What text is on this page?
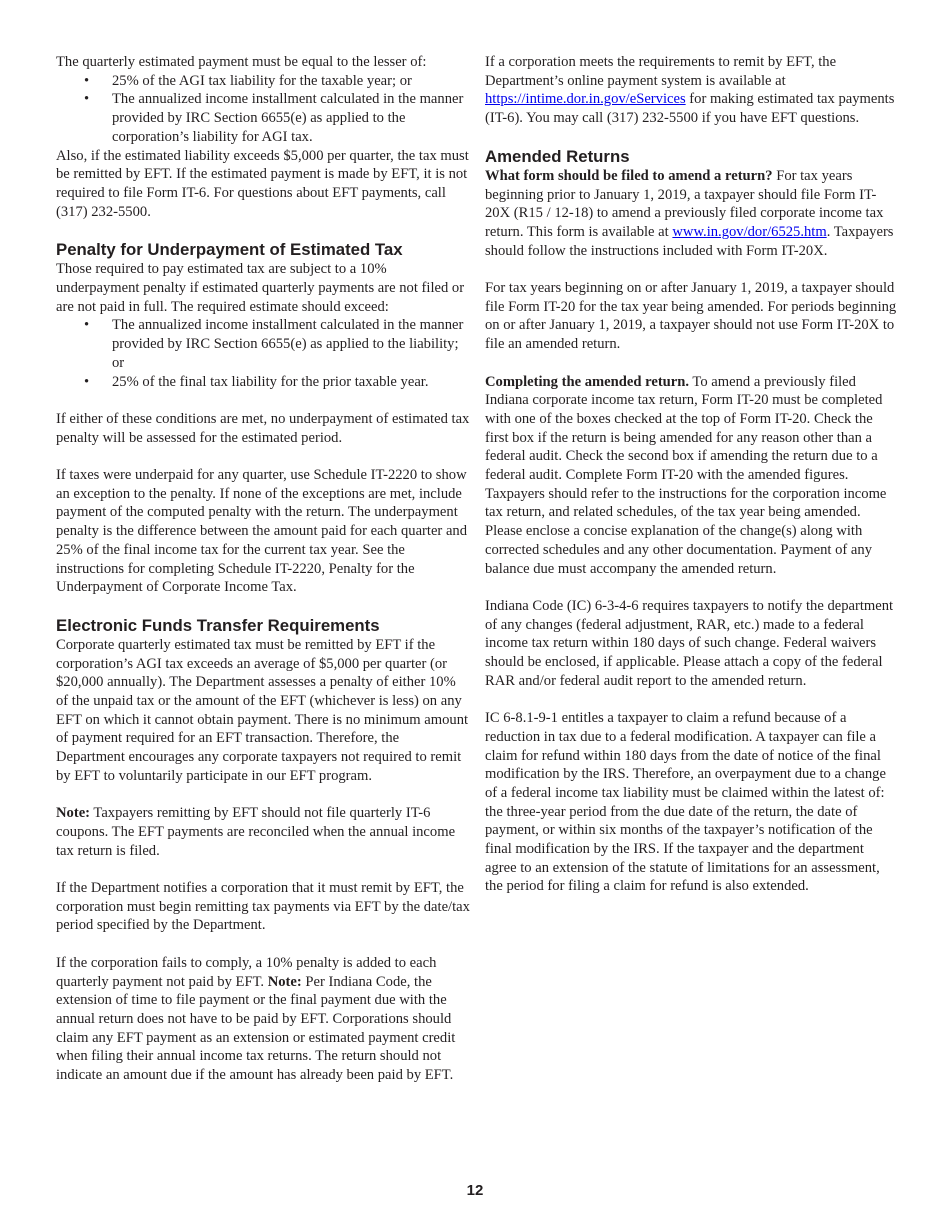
The quarterly estimated payment must be equal to the lesser of:

• 25% of the AGI tax liability for the taxable year; or
• The annualized income installment calculated in the manner provided by IRC Section 6655(e) as applied to the corporation’s liability for AGI tax.

Also, if the estimated liability exceeds $5,000 per quarter, the tax must be remitted by EFT. If the estimated payment is made by EFT, it is not required to file Form IT-6. For questions about EFT payments, call (317) 232-5500.

Penalty for Underpayment of Estimated Tax

Those required to pay estimated tax are subject to a 10% underpayment penalty if estimated quarterly payments are not filed or are not paid in full. The required estimate should exceed:

• The annualized income installment calculated in the manner provided by IRC Section 6655(e) as applied to the liability; or
• 25% of the final tax liability for the prior taxable year.

If either of these conditions are met, no underpayment of estimated tax penalty will be assessed for the estimated period.

If taxes were underpaid for any quarter, use Schedule IT-2220 to show an exception to the penalty. If none of the exceptions are met, include payment of the computed penalty with the return. The underpayment penalty is the difference between the amount paid for each quarter and 25% of the final income tax for the current tax year. See the instructions for completing Schedule IT-2220, Penalty for the Underpayment of Corporate Income Tax.

Electronic Funds Transfer Requirements

Corporate quarterly estimated tax must be remitted by EFT if the corporation’s AGI tax exceeds an average of $5,000 per quarter (or $20,000 annually). The Department assesses a penalty of either 10% of the unpaid tax or the amount of the EFT (whichever is less) on any EFT on which it cannot obtain payment. There is no minimum amount of payment required for an EFT transaction. Therefore, the Department encourages any corporate taxpayers not required to remit by EFT to voluntarily participate in our EFT program.

Note: Taxpayers remitting by EFT should not file quarterly IT-6 coupons. The EFT payments are reconciled when the annual income tax return is filed.

If the Department notifies a corporation that it must remit by EFT, the corporation must begin remitting tax payments via EFT by the date/tax period specified by the Department.

If the corporation fails to comply, a 10% penalty is added to each quarterly payment not paid by EFT. Note: Per Indiana Code, the extension of time to file payment or the final payment due with the annual return does not have to be paid by EFT. Corporations should claim any EFT payment as an extension or estimated payment credit when filing their annual income tax returns. The return should not indicate an amount due if the amount has already been paid by EFT.

If a corporation meets the requirements to remit by EFT, the Department’s online payment system is available at https://intime.dor.in.gov/eServices for making estimated tax payments (IT-6). You may call (317) 232-5500 if you have EFT questions.

Amended Returns

What form should be filed to amend a return? For tax years beginning prior to January 1, 2019, a taxpayer should file Form IT-20X (R15 / 12-18) to amend a previously filed corporate income tax return. This form is available at www.in.gov/dor/6525.htm. Taxpayers should follow the instructions included with Form IT-20X.

For tax years beginning on or after January 1, 2019, a taxpayer should file Form IT-20 for the tax year being amended. For periods beginning on or after January 1, 2019, a taxpayer should not use Form IT-20X to file an amended return.

Completing the amended return. To amend a previously filed Indiana corporate income tax return, Form IT-20 must be completed with one of the boxes checked at the top of Form IT-20. Check the first box if the return is being amended for any reason other than a federal audit. Check the second box if amending the return due to a federal audit. Complete Form IT-20 with the amended figures. Taxpayers should refer to the instructions for the corporation income tax return, and related schedules, of the tax year being amended. Please enclose a concise explanation of the change(s) along with corrected schedules and any other documentation. Payment of any balance due must accompany the amended return.

Indiana Code (IC) 6-3-4-6 requires taxpayers to notify the department of any changes (federal adjustment, RAR, etc.) made to a federal income tax return within 180 days of such change. Federal waivers should be enclosed, if applicable. Please attach a copy of the federal RAR and/or federal audit report to the amended return.

IC 6-8.1-9-1 entitles a taxpayer to claim a refund because of a reduction in tax due to a federal modification. A taxpayer can file a claim for refund within 180 days from the date of notice of the final modification by the IRS. Therefore, an overpayment due to a change of a federal income tax liability must be claimed within the latest of: the three-year period from the due date of the return, the date of payment, or within six months of the taxpayer’s notification of the final modification by the IRS. If the taxpayer and the department agree to an extension of the statute of limitations for an assessment, the period for filing a claim for refund is also extended.

12
